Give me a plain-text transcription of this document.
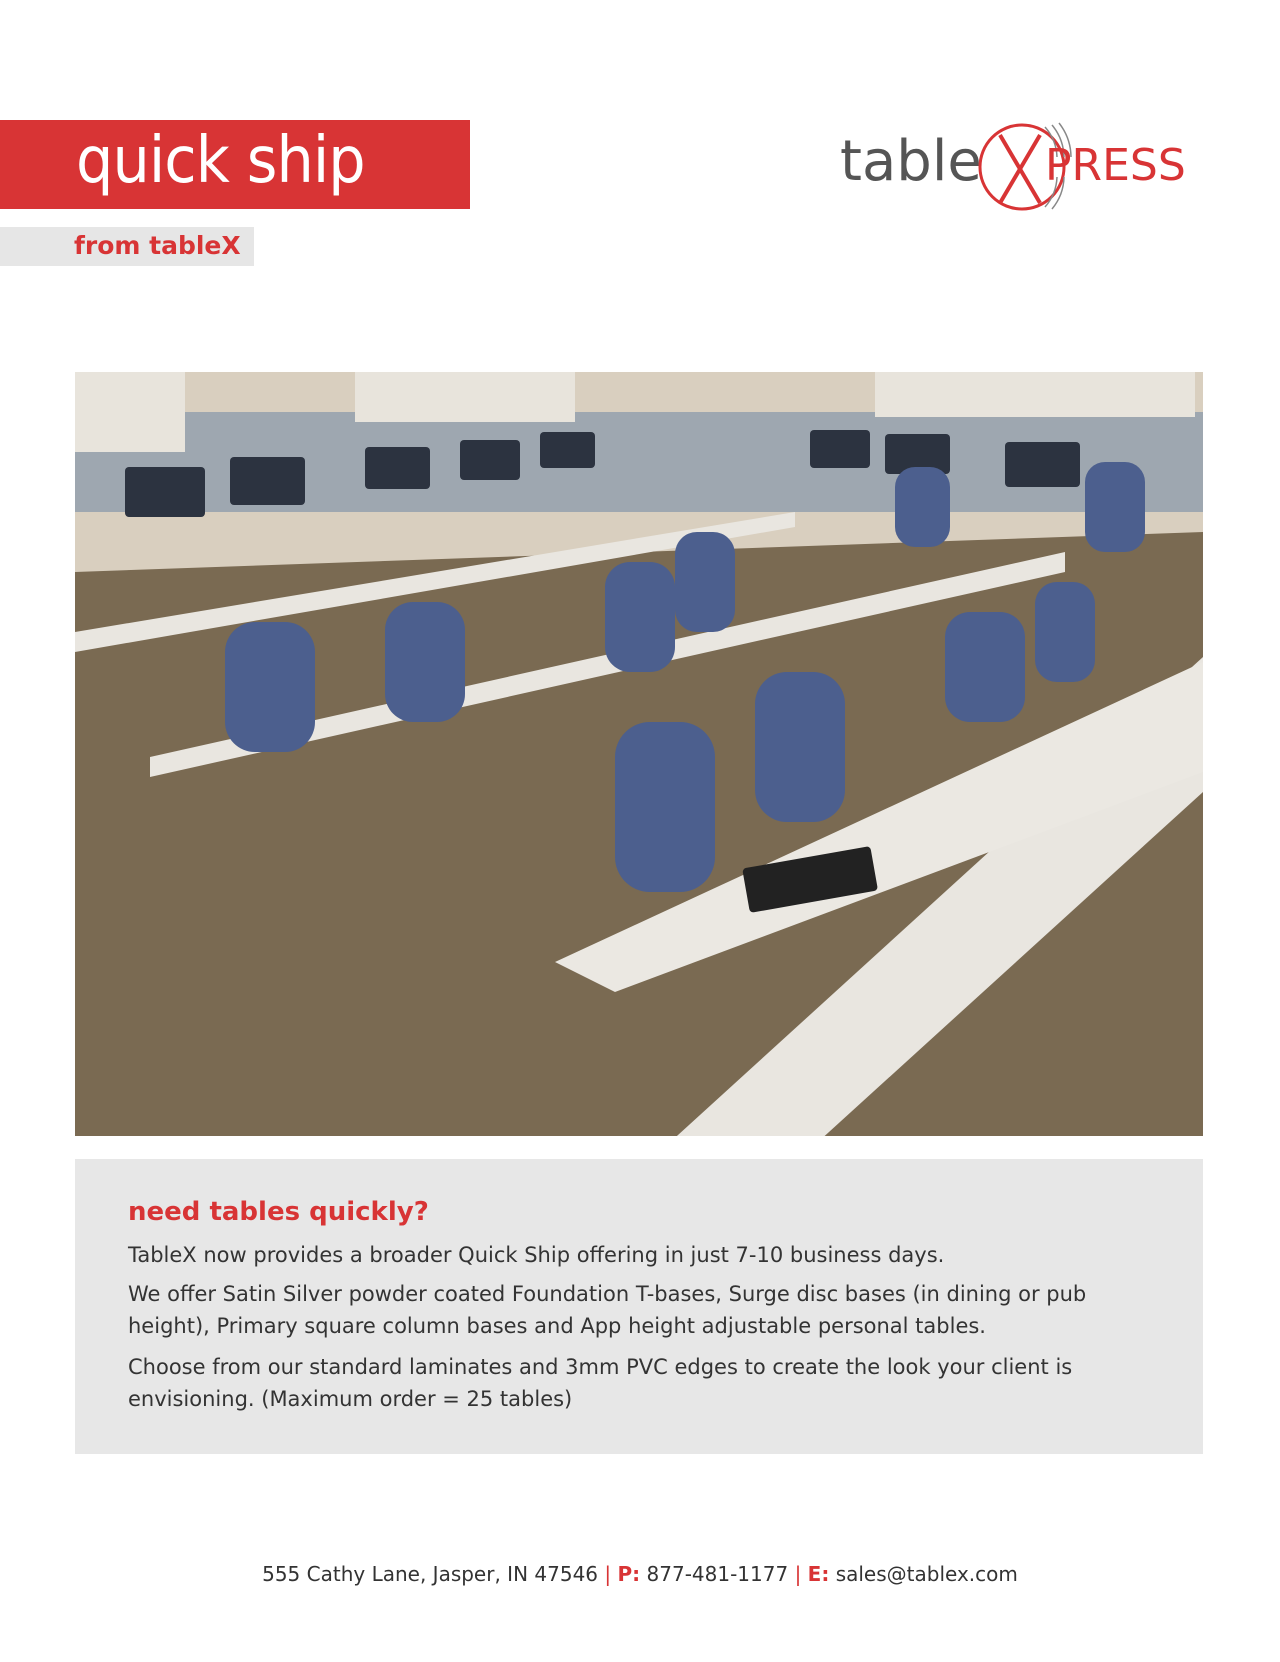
quick ship
from tableX
table PRESS
need tables quickly?

TableX now provides a broader Quick Ship offering in just 7-10 business days.

We offer Satin Silver powder coated Foundation T-bases, Surge disc bases (in dining or pub height), Primary square column bases and App height adjustable personal tables.

Choose from our standard laminates and 3mm PVC edges to create the look your client is envisioning. (Maximum order = 25 tables)

555 Cathy Lane, Jasper, IN 47546 | P: 877-481-1177 | E: sales@tablex.com
